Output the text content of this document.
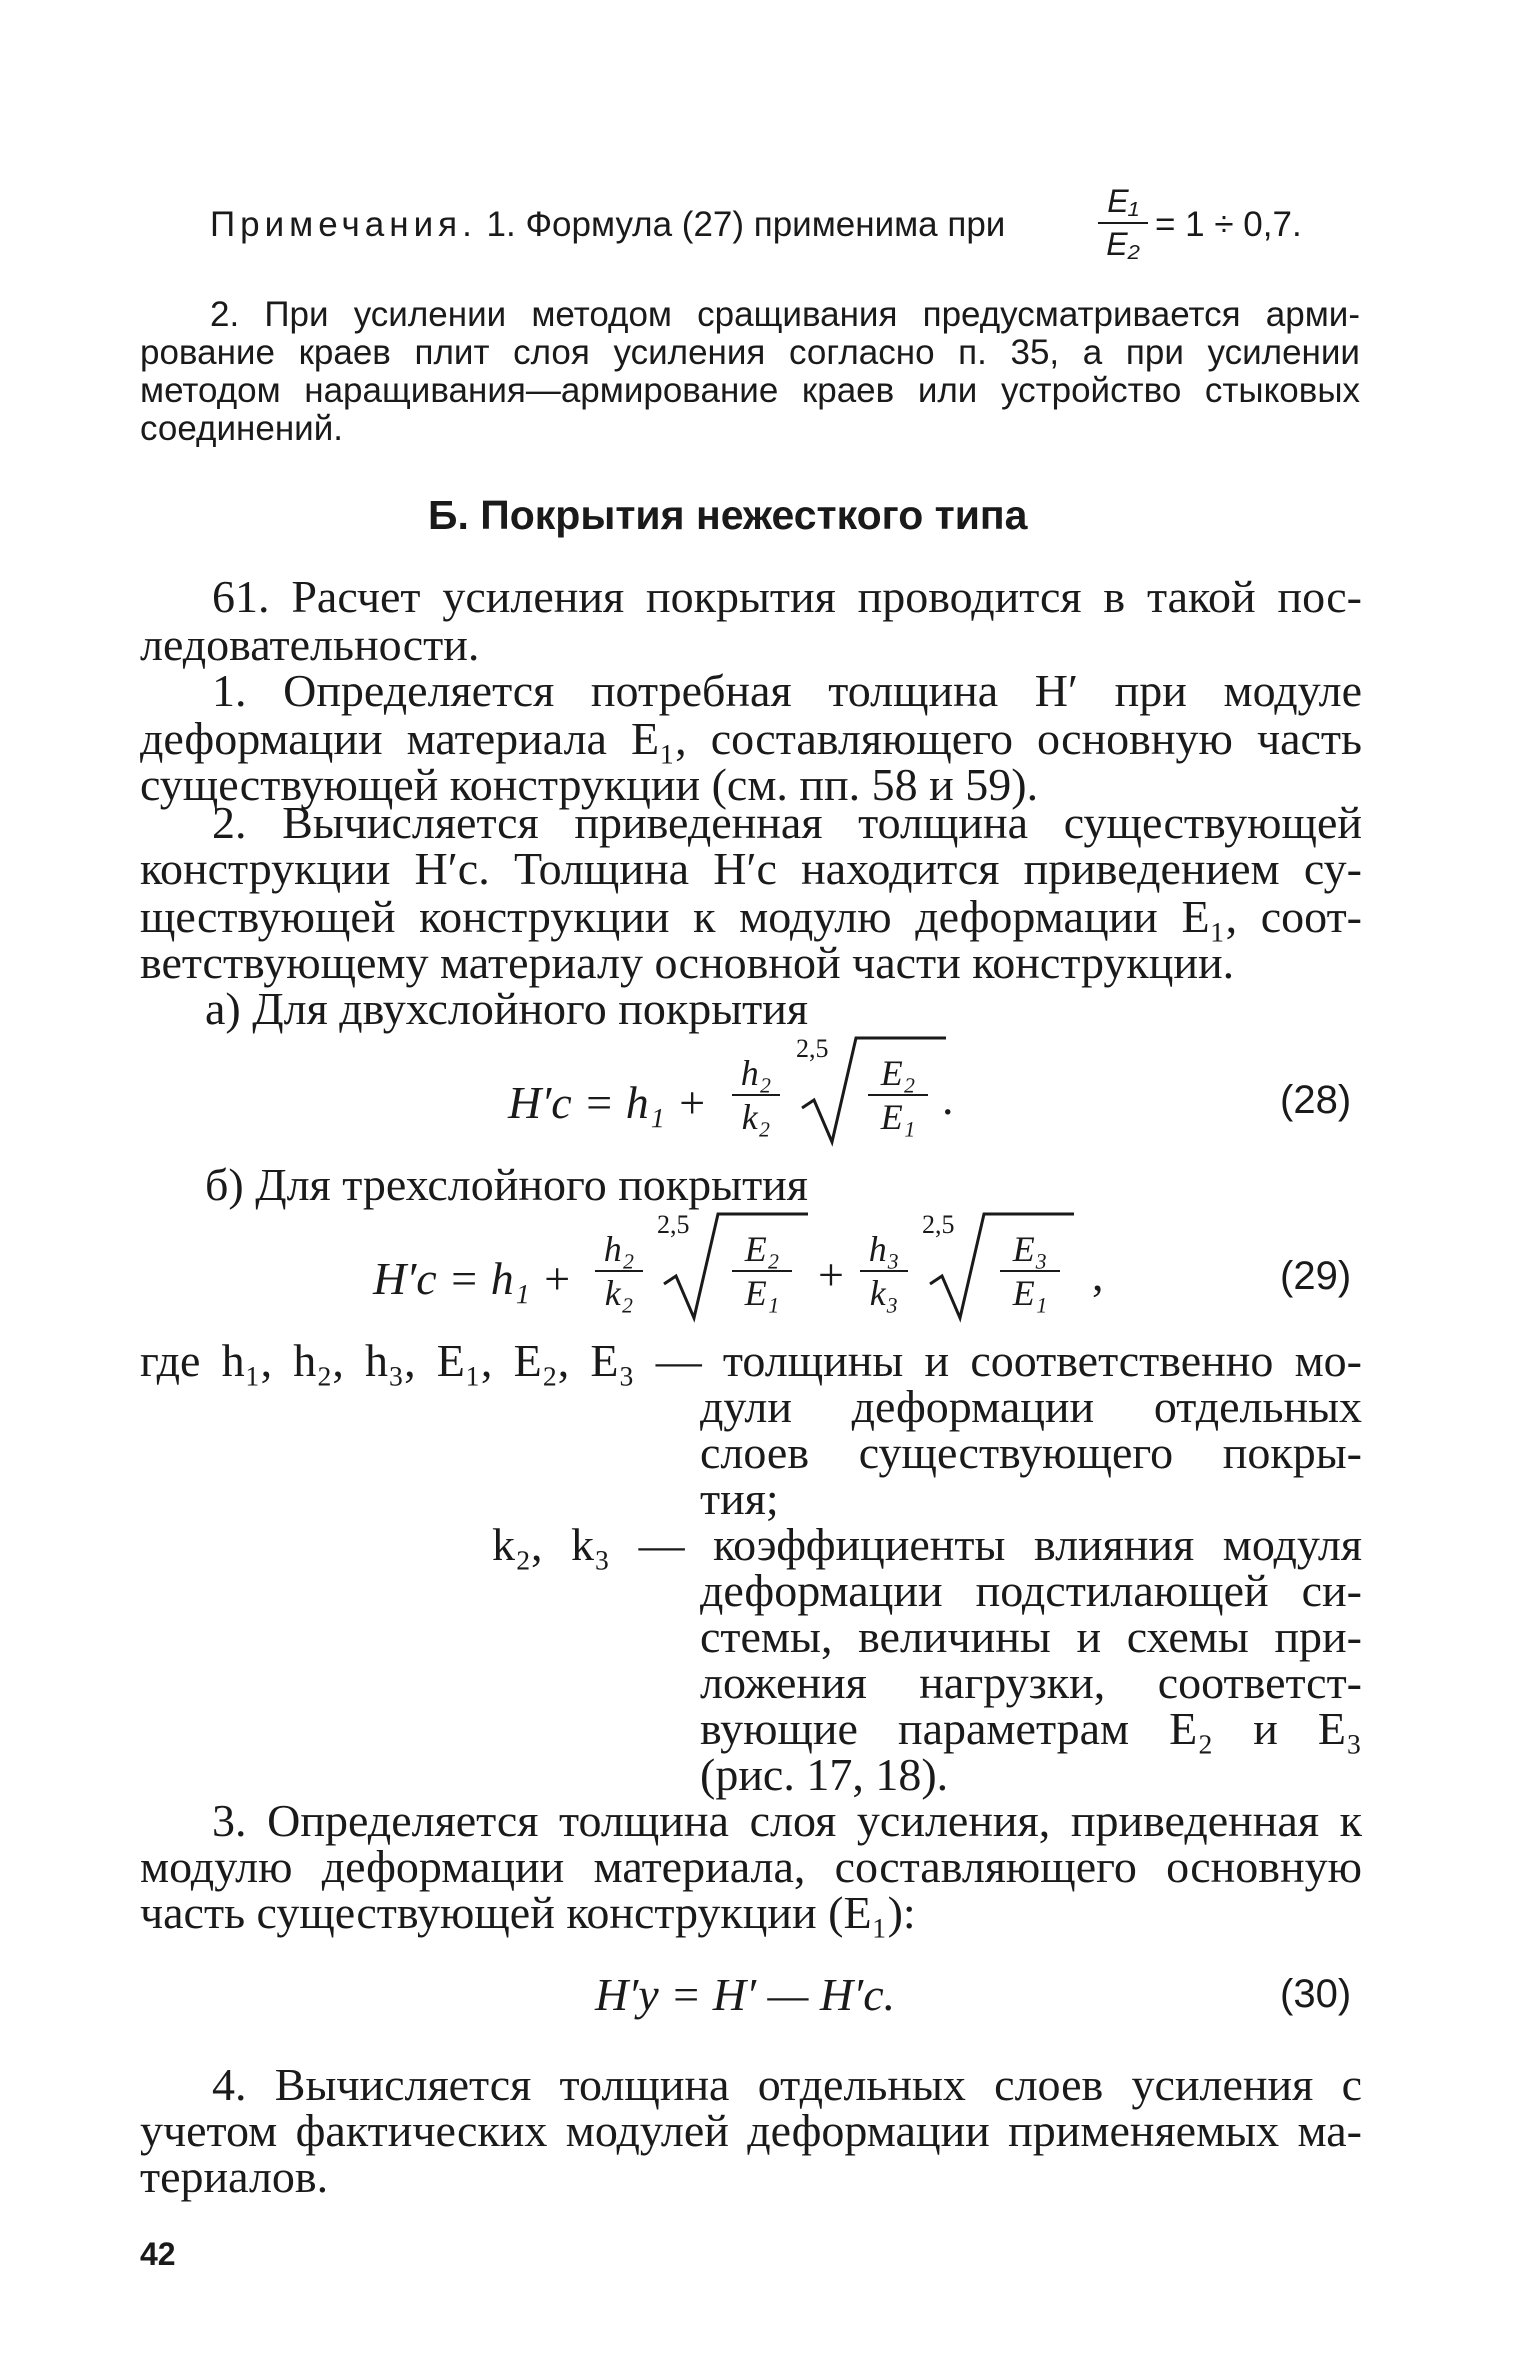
Примечания. 1. Формула (27) применима при
E₁
E₂ = 1 ÷ 0,7.
2. При усилении методом сращивания предусматривается арми-
рование краев плит слоя усиления согласно п. 35, а при усилении
методом наращивания—армирование краев или устройство стыковых
соединений.
Б. Покрытия нежесткого типа
61. Расчет усиления покрытия проводится в такой пос-
ледовательности.
1. Определяется потребная толщина H′ при модуле
деформации материала E₁, составляющего основную часть
существующей конструкции (см. пп. 58 и 59).
2. Вычисляется приведенная толщина существующей
конструкции H′с. Толщина H′с находится приведением су-
ществующей конструкции к модулю деформации E₁, соот-
ветствующему материалу основной части конструкции.
а) Для двухслойного покрытия
H′с = h₁ +
h₂
k₂
2,5
E₂
E₁ .	(28)
б) Для трехслойного покрытия
H′с = h₁ +
h₂
k₂
2,5	2,5
E₂
E₁ + h₃
k₃
E₃
E₁ ,	(29)
где h₁, h₂, h₃, E₁, E₂, E₃ — толщины и соответственно мо-
дули деформации отдельных
слоев существующего покры-
тия;
k₂, k₃ — коэффициенты влияния модуля
деформации подстилающей си-
стемы, величины и схемы при-
ложения нагрузки, соответст-
вующие параметрам E₂ и E₃
(рис. 17, 18).
3. Определяется толщина слоя усиления, приведенная к
модулю деформации материала, составляющего основную
часть существующей конструкции (E₁):
H′у = H′ — H′с.	(30)
4. Вычисляется толщина отдельных слоев усиления с
учетом фактических модулей деформации применяемых ма-
териалов.
42
